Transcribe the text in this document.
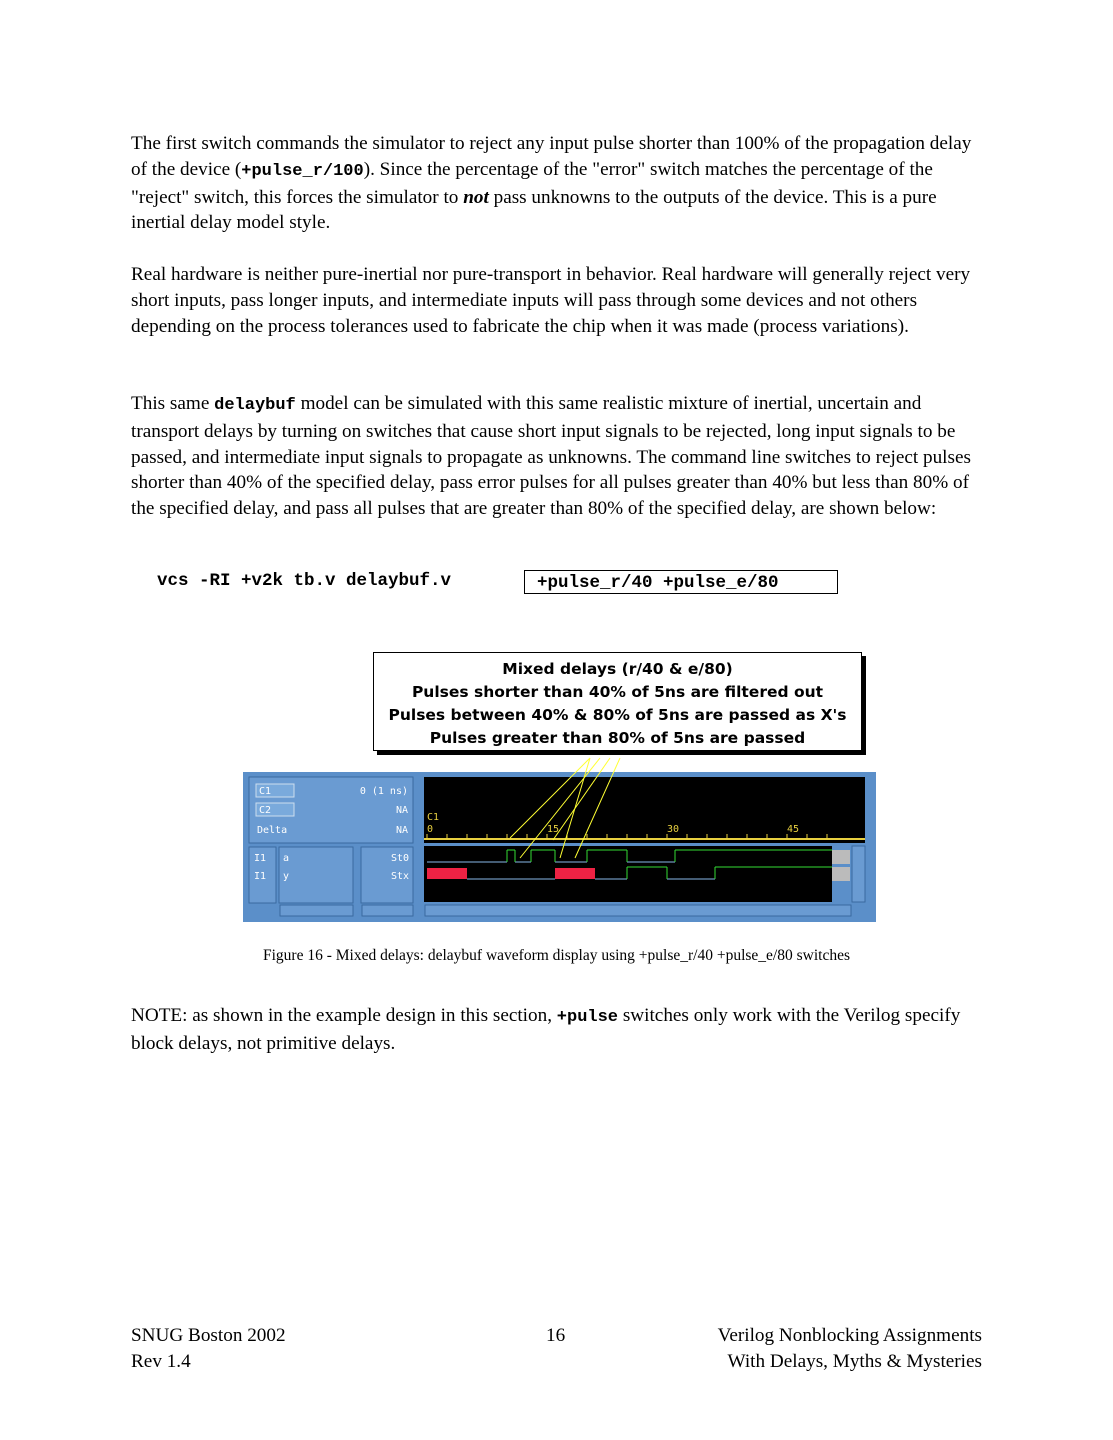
The first switch commands the simulator to reject any input pulse shorter than 100% of the propagation delay of the device (+pulse_r/100). Since the percentage of the "error" switch matches the percentage of the "reject" switch, this forces the simulator to not pass unknowns to the outputs of the device. This is a pure inertial delay model style.

Real hardware is neither pure-inertial nor pure-transport in behavior. Real hardware will generally reject very short inputs, pass longer inputs, and intermediate inputs will pass through some devices and not others depending on the process tolerances used to fabricate the chip when it was made (process variations).

This same delaybuf model can be simulated with this same realistic mixture of inertial, uncertain and transport delays by turning on switches that cause short input signals to be rejected, long input signals to be passed, and intermediate input signals to propagate as unknowns. The command line switches to reject pulses shorter than 40% of the specified delay, pass error pulses for all pulses greater than 40% but less than 80% of the specified delay, and pass all pulses that are greater than 80% of the specified delay, are shown below:

vcs -RI +v2k tb.v delaybuf.v	+pulse_r/40 +pulse_e/80
C1	0 (1 ns)
C2	NA
Delta	NA
I1 a	St0
I1 y	Stx
C1
0	15	30	45
Mixed delays (r/40 & e/80)
Pulses shorter than 40% of 5ns are filtered out
Pulses between 40% & 80% of 5ns are passed as X's
Pulses greater than 80% of 5ns are passed
Figure 16 - Mixed delays: delaybuf waveform display using +pulse_r/40 +pulse_e/80 switches

NOTE: as shown in the example design in this section, +pulse switches only work with the Verilog specify block delays, not primitive delays.

SNUG Boston 2002
Rev 1.4
16	Verilog Nonblocking Assignments
With Delays, Myths & Mysteries
